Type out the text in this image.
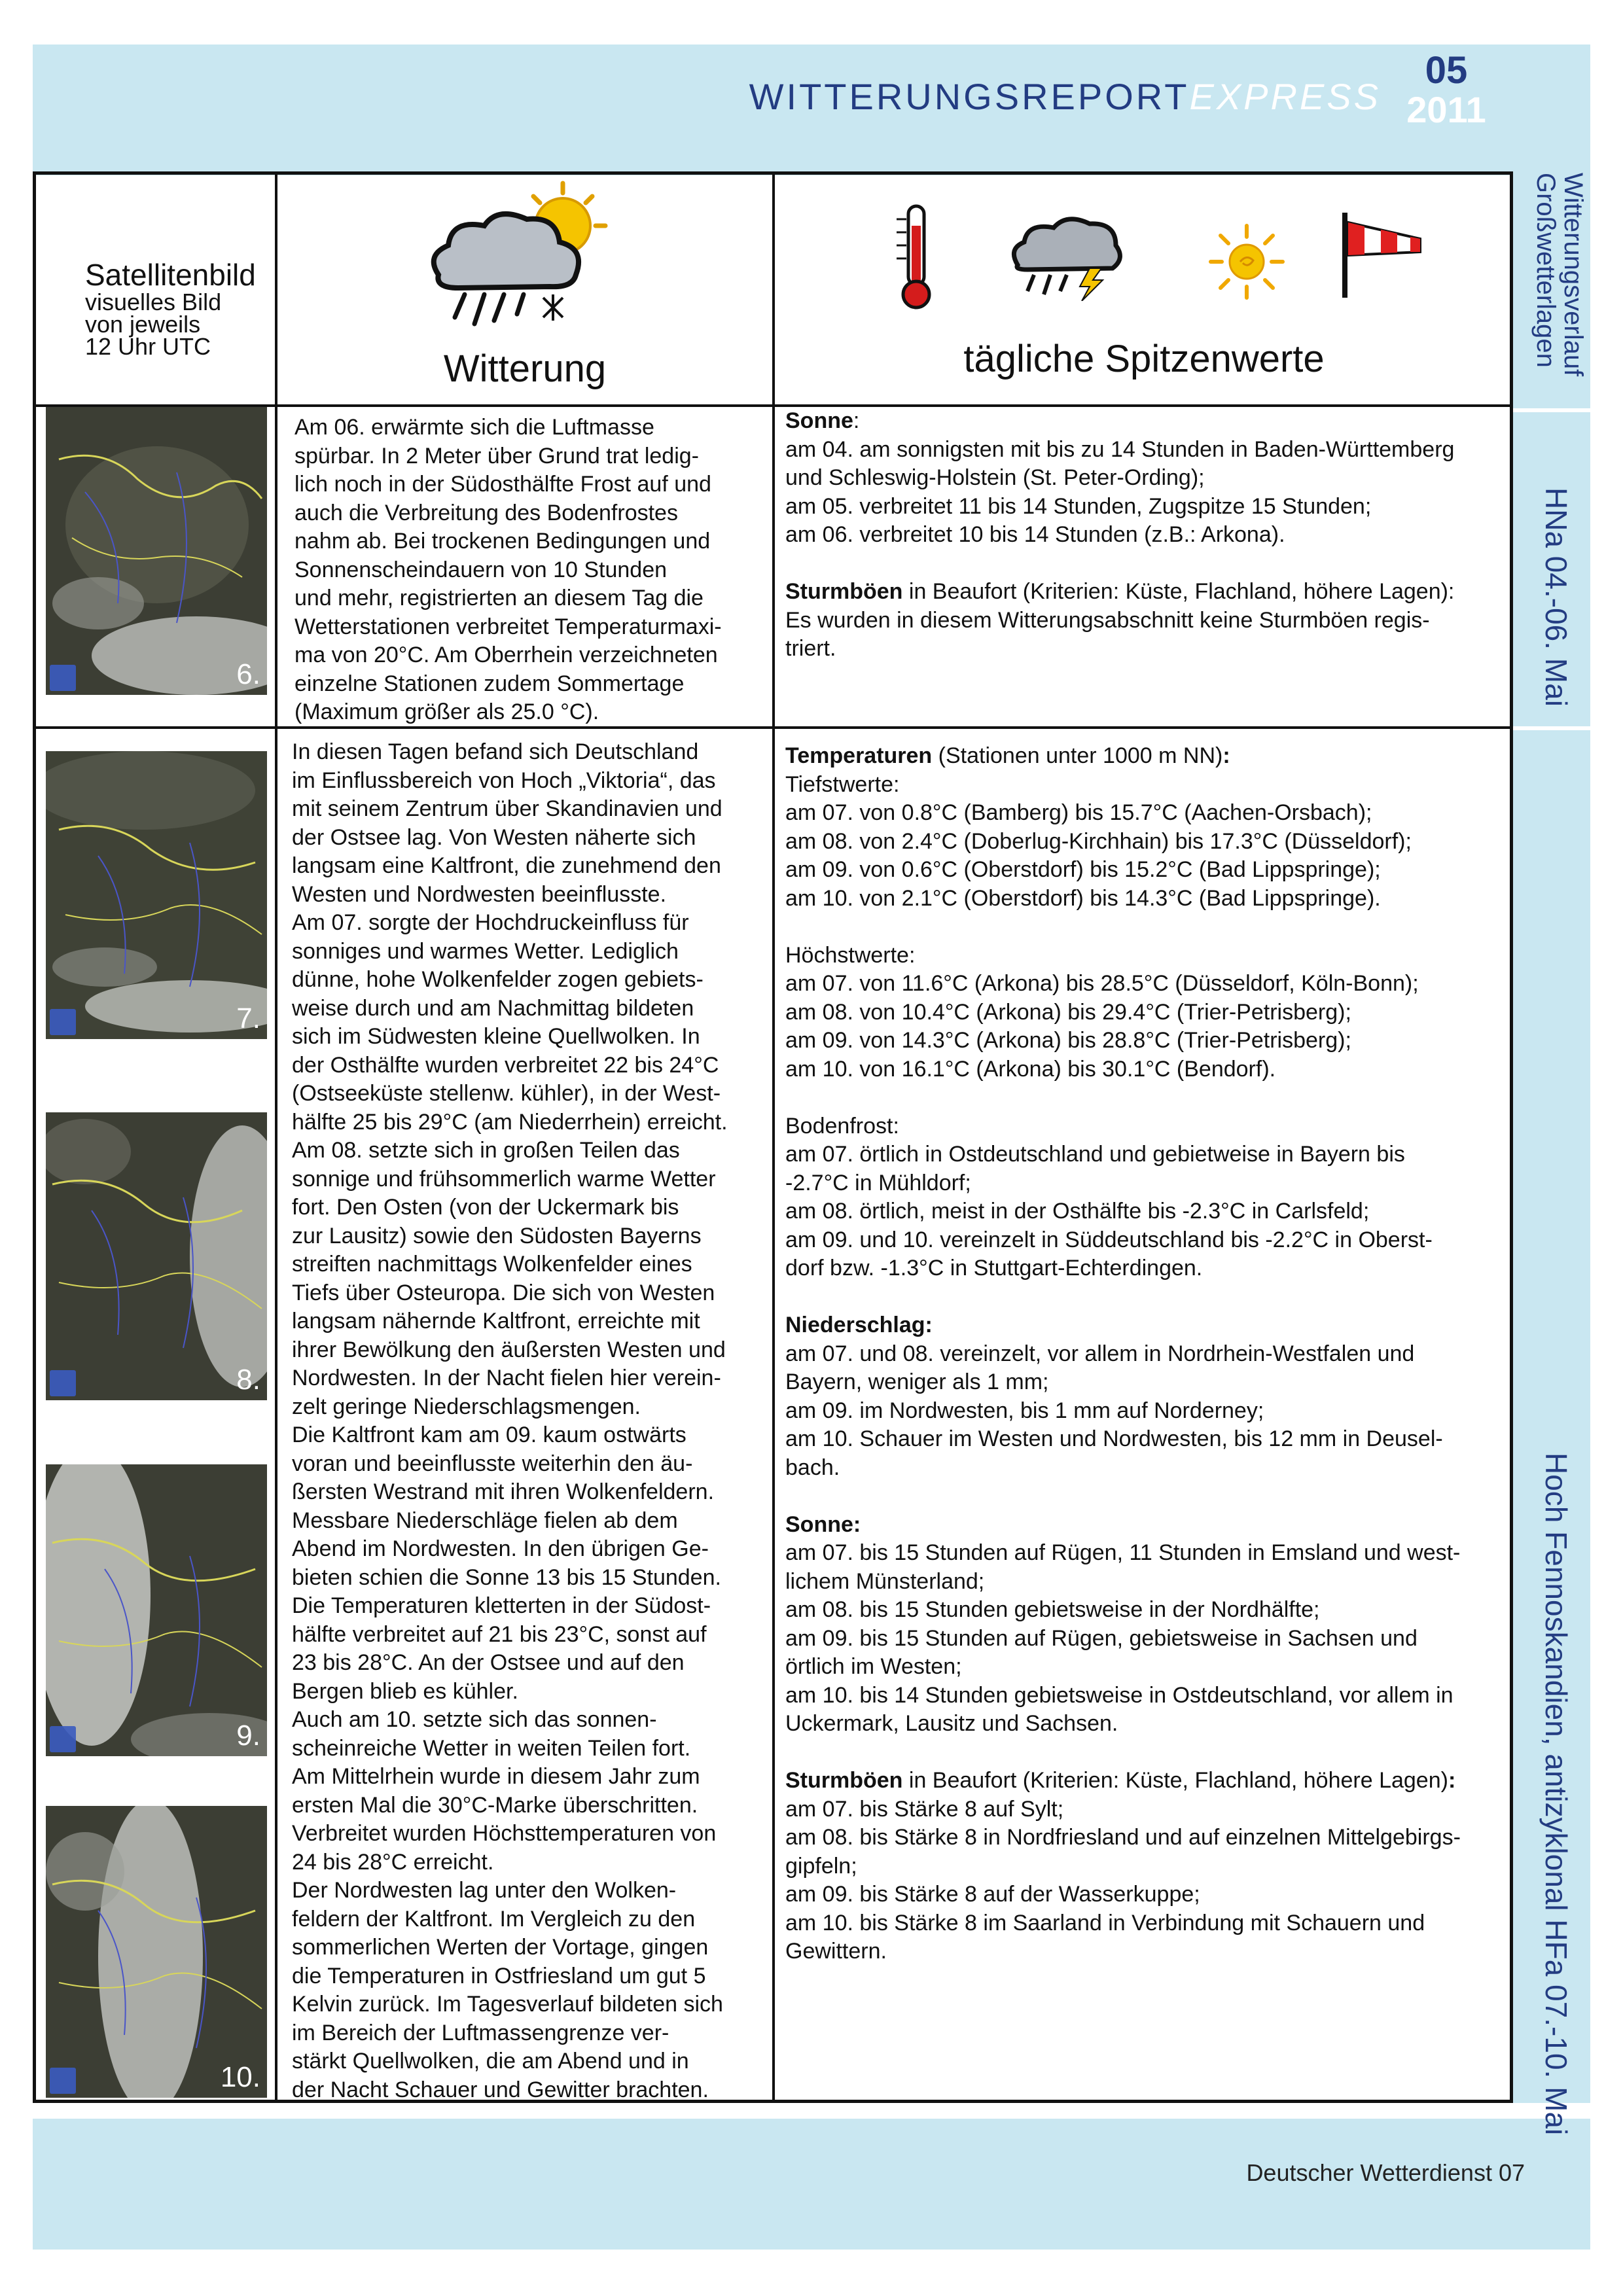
WITTERUNGSREPORTEXPRESS
05
2011
Witterungsverlauf
Großwetterlagen
HNa 04.-06. Mai
Hoch Fennoskandien, antizyklonal HFa 07.-10. Mai
Satellitenbild
visuelles Bild
von jeweils
12 Uhr UTC
Witterung	tägliche Spitzenwerte
6.
7.
8.
9.
10.
Am 06. erwärmte sich die Luftmasse
spürbar. In 2 Meter über Grund trat ledig-
lich noch in der Südosthälfte Frost auf und
auch die Verbreitung des Bodenfrostes
nahm ab. Bei trockenen Bedingungen und
Sonnenscheindauern von 10 Stunden
und mehr, registrierten an diesem Tag die
Wetterstationen verbreitet Temperaturmaxi-
ma von 20°C. Am Oberrhein verzeichneten
einzelne Stationen zudem Sommertage
(Maximum größer als 25.0 °C).
Sonne:
am 04. am sonnigsten mit bis zu 14 Stunden in Baden-Württemberg
und Schleswig-Holstein (St. Peter-Ording);
am 05. verbreitet 11 bis 14 Stunden, Zugspitze 15 Stunden;
am 06. verbreitet 10 bis 14 Stunden (z.B.: Arkona).

Sturmböen in Beaufort (Kriterien: Küste, Flachland, höhere Lagen):
Es wurden in diesem Witterungsabschnitt keine Sturmböen regis-
triert.
In diesen Tagen befand sich Deutschland
im Einflussbereich von Hoch „Viktoria“, das
mit seinem Zentrum über Skandinavien und
der Ostsee lag. Von Westen näherte sich
langsam eine Kaltfront, die zunehmend den
Westen und Nordwesten beeinflusste.
Am 07. sorgte der Hochdruckeinfluss für
sonniges und warmes Wetter. Lediglich
dünne, hohe Wolkenfelder zogen gebiets-
weise durch und am Nachmittag bildeten
sich im Südwesten kleine Quellwolken. In
der Osthälfte wurden verbreitet 22 bis 24°C
(Ostseeküste stellenw. kühler), in der West-
hälfte 25 bis 29°C (am Niederrhein) erreicht.
Am 08. setzte sich in großen Teilen das
sonnige und frühsommerlich warme Wetter
fort. Den Osten (von der Uckermark bis
zur Lausitz) sowie den Südosten Bayerns
streiften nachmittags Wolkenfelder eines
Tiefs über Osteuropa. Die sich von Westen
langsam nähernde Kaltfront, erreichte mit
ihrer Bewölkung den äußersten Westen und
Nordwesten. In der Nacht fielen hier verein-
zelt geringe Niederschlagsmengen.
Die Kaltfront kam am 09. kaum ostwärts
voran und beeinflusste weiterhin den äu-
ßersten Westrand mit ihren Wolkenfeldern.
Messbare Niederschläge fielen ab dem
Abend im Nordwesten. In den übrigen Ge-
bieten schien die Sonne 13 bis 15 Stunden.
Die Temperaturen kletterten in der Südost-
hälfte verbreitet auf 21 bis 23°C, sonst auf
23 bis 28°C. An der Ostsee und auf den
Bergen blieb es kühler.
Auch am 10. setzte sich das sonnen-
scheinreiche Wetter in weiten Teilen fort.
Am Mittelrhein wurde in diesem Jahr zum
ersten Mal die 30°C-Marke überschritten.
Verbreitet wurden Höchsttemperaturen von
24 bis 28°C erreicht.
Der Nordwesten lag unter den Wolken-
feldern der Kaltfront. Im Vergleich zu den
sommerlichen Werten der Vortage, gingen
die Temperaturen in Ostfriesland um gut 5
Kelvin zurück. Im Tagesverlauf bildeten sich
im Bereich der Luftmassengrenze ver-
stärkt Quellwolken, die am Abend und in
der Nacht Schauer und Gewitter brachten.
Temperaturen (Stationen unter 1000 m NN):
Tiefstwerte:
am 07. von 0.8°C (Bamberg) bis 15.7°C (Aachen-Orsbach);
am 08. von 2.4°C (Doberlug-Kirchhain) bis 17.3°C (Düsseldorf);
am 09. von 0.6°C (Oberstdorf) bis 15.2°C (Bad Lippspringe);
am 10. von 2.1°C (Oberstdorf) bis 14.3°C (Bad Lippspringe).

Höchstwerte:
am 07. von 11.6°C (Arkona) bis 28.5°C (Düsseldorf, Köln-Bonn);
am 08. von 10.4°C (Arkona) bis 29.4°C (Trier-Petrisberg);
am 09. von 14.3°C (Arkona) bis 28.8°C (Trier-Petrisberg);
am 10. von 16.1°C (Arkona) bis 30.1°C (Bendorf).

Bodenfrost:
am 07. örtlich in Ostdeutschland und gebietweise in Bayern bis
-2.7°C in Mühldorf;
am 08. örtlich, meist in der Osthälfte bis -2.3°C in Carlsfeld;
am 09. und 10. vereinzelt in Süddeutschland bis -2.2°C in Oberst-
dorf bzw. -1.3°C in Stuttgart-Echterdingen.

Niederschlag:
am 07. und 08. vereinzelt, vor allem in Nordrhein-Westfalen und
Bayern, weniger als 1 mm;
am 09. im Nordwesten, bis 1 mm auf Norderney;
am 10. Schauer im Westen und Nordwesten, bis 12 mm in Deusel-
bach.

Sonne:
am 07. bis 15 Stunden auf Rügen, 11 Stunden in Emsland und west-
lichem Münsterland;
am 08. bis 15 Stunden gebietsweise in der Nordhälfte;
am 09. bis 15 Stunden auf Rügen, gebietsweise in Sachsen und
örtlich im Westen;
am 10. bis 14 Stunden gebietsweise in Ostdeutschland, vor allem in
Uckermark, Lausitz und Sachsen.

Sturmböen in Beaufort (Kriterien: Küste, Flachland, höhere Lagen):
am 07. bis Stärke 8 auf Sylt;
am 08. bis Stärke 8 in Nordfriesland und auf einzelnen Mittelgebirgs-
gipfeln;
am 09. bis Stärke 8 auf der Wasserkuppe;
am 10. bis Stärke 8 im Saarland in Verbindung mit Schauern und
Gewittern.
Deutscher Wetterdienst 07
